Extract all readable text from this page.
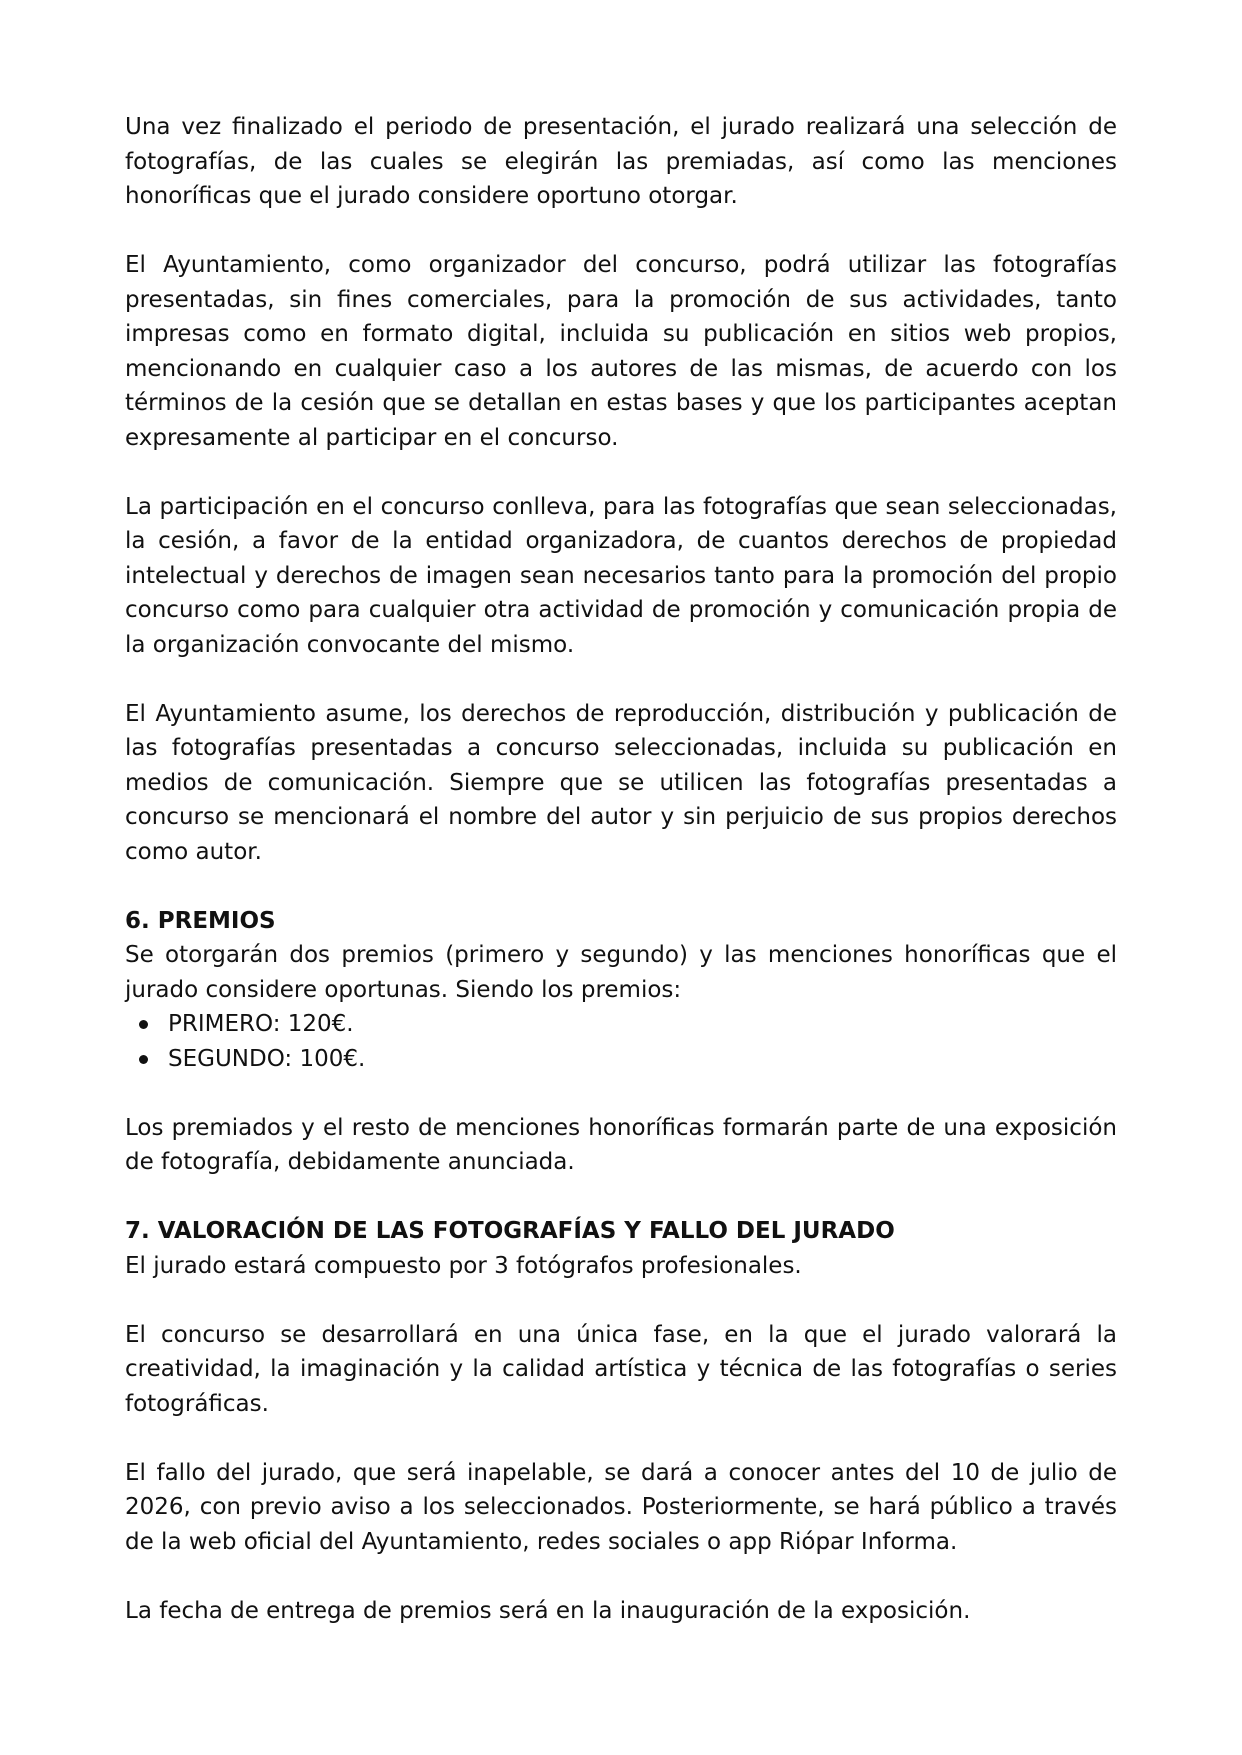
Una vez finalizado el periodo de presentación, el jurado realizará una selección de fotografías, de las cuales se elegirán las premiadas, así como las menciones honoríficas que el jurado considere oportuno otorgar.

El Ayuntamiento, como organizador del concurso, podrá utilizar las fotografías presentadas, sin fines comerciales, para la promoción de sus actividades, tanto impresas como en formato digital, incluida su publicación en sitios web propios, mencionando en cualquier caso a los autores de las mismas, de acuerdo con los términos de la cesión que se detallan en estas bases y que los participantes aceptan expresamente al participar en el concurso.

La participación en el concurso conlleva, para las fotografías que sean seleccionadas, la cesión, a favor de la entidad organizadora, de cuantos derechos de propiedad intelectual y derechos de imagen sean necesarios tanto para la promoción del propio concurso como para cualquier otra actividad de promoción y comunicación propia de la organización convocante del mismo.

El Ayuntamiento asume, los derechos de reproducción, distribución y publicación de las fotografías presentadas a concurso seleccionadas, incluida su publicación en medios de comunicación. Siempre que se utilicen las fotografías presentadas a concurso se mencionará el nombre del autor y sin perjuicio de sus propios derechos como autor.

6. PREMIOS

Se otorgarán dos premios (primero y segundo) y las menciones honoríficas que el jurado considere oportunas. Siendo los premios:

PRIMERO: 120€.
SEGUNDO: 100€.

Los premiados y el resto de menciones honoríficas formarán parte de una exposición de fotografía, debidamente anunciada.

7. VALORACIÓN DE LAS FOTOGRAFÍAS Y FALLO DEL JURADO

El jurado estará compuesto por 3 fotógrafos profesionales.

El concurso se desarrollará en una única fase, en la que el jurado valorará la creatividad, la imaginación y la calidad artística y técnica de las fotografías o series fotográficas.

El fallo del jurado, que será inapelable, se dará a conocer antes del 10 de julio de 2026, con previo aviso a los seleccionados. Posteriormente, se hará público a través de la web oficial del Ayuntamiento, redes sociales o app Riópar Informa.

La fecha de entrega de premios será en la inauguración de la exposición.
